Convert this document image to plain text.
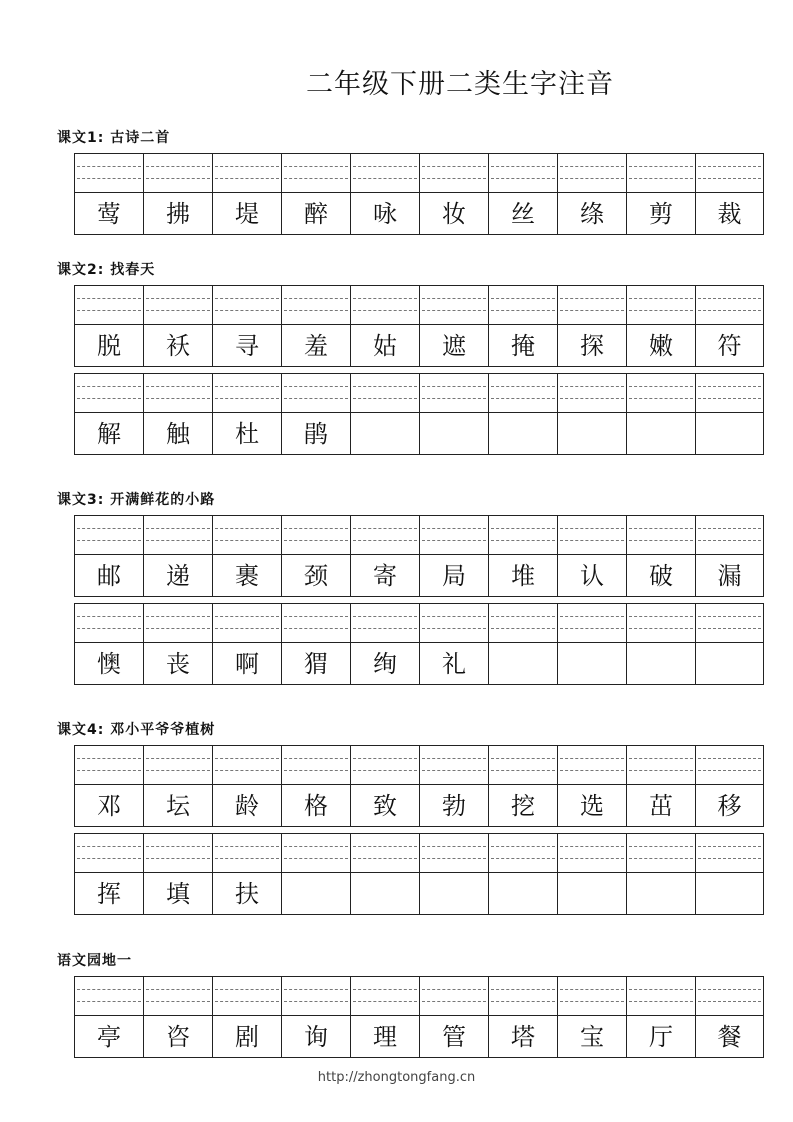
二年级下册二类生字注音
课文1: 古诗二首
莺	拂	堤	醉	咏	妆	丝	绦	剪	裁
课文2: 找春天
脱	袄	寻	羞	姑	遮	掩	探	嫩	符
解	触	杜	鹃
课文3: 开满鲜花的小路
邮	递	裹	颈	寄	局	堆	认	破	漏
懊	丧	啊	猬	绚	礼
课文4: 邓小平爷爷植树
邓	坛	龄	格	致	勃	挖	选	茁	移
挥	填	扶
语文园地一
亭	咨	剧	询	理	管	塔	宝	厅	餐
http://zhongtongfang.cn
